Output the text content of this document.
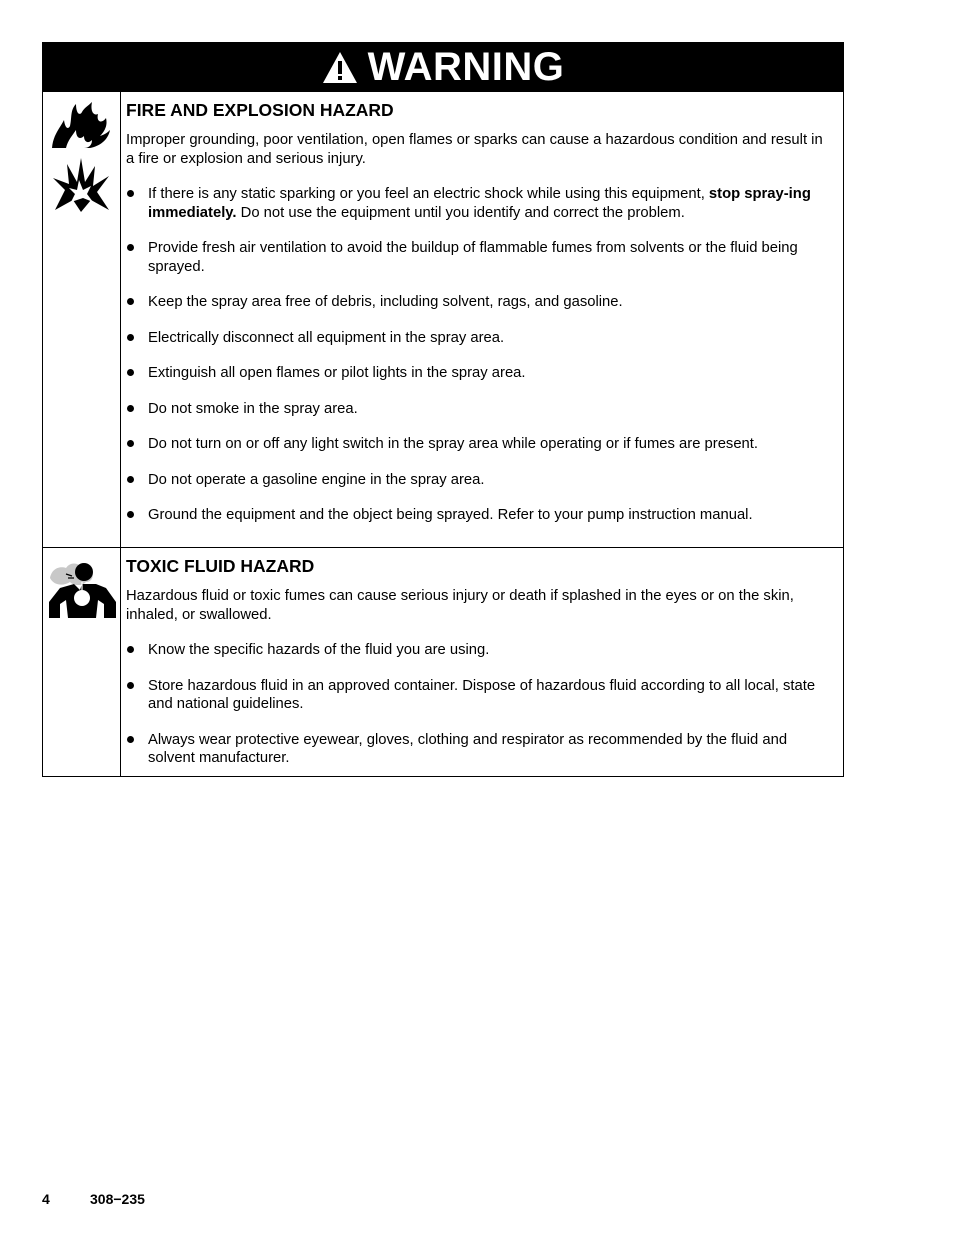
WARNING
FIRE AND EXPLOSION HAZARD

Improper grounding, poor ventilation, open flames or sparks can cause a hazardous condition and result in a fire or explosion and serious injury.

If there is any static sparking or you feel an electric shock while using this equipment, stop spray-ing immediately. Do not use the equipment until you identify and correct the problem.
Provide fresh air ventilation to avoid the buildup of flammable fumes from solvents or the fluid being sprayed.
Keep the spray area free of debris, including solvent, rags, and gasoline.
Electrically disconnect all equipment in the spray area.
Extinguish all open flames or pilot lights in the spray area.
Do not smoke in the spray area.
Do not turn on or off any light switch in the spray area while operating or if fumes are present.
Do not operate a gasoline engine in the spray area.
Ground the equipment and the object being sprayed. Refer to your pump instruction manual.
TOXIC FLUID HAZARD

Hazardous fluid or toxic fumes can cause serious injury or death if splashed in the eyes or on the skin, inhaled, or swallowed.

Know the specific hazards of the fluid you are using.
Store hazardous fluid in an approved container. Dispose of hazardous fluid according to all local, state and national guidelines.
Always wear protective eyewear, gloves, clothing and respirator as recommended by the fluid and solvent manufacturer.
4	308−235
